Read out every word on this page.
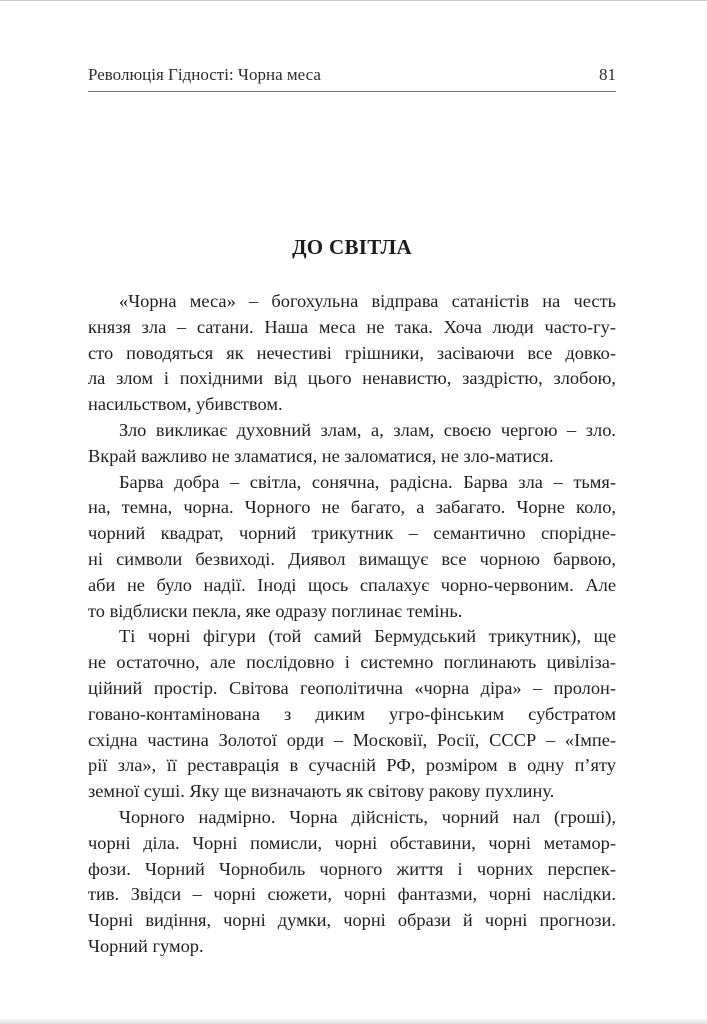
Революція Гідності: Чорна меса	81
ДО СВІТЛА
«Чорна меса» – богохульна відправа сатаністів на честь
князя зла – сатани. Наша меса не така. Хоча люди часто-гу-
сто поводяться як нечестиві грішники, засіваючи все довко-
ла злом і похідними від цього ненавистю, заздрістю, злобою,
насильством, убивством.
Зло викликає духовний злам, а, злам, своєю чергою – зло.
Вкрай важливо не зламатися, не заломатися, не зло-матися.
Барва добра – світла, сонячна, радісна. Барва зла – тьмя-
на, темна, чорна. Чорного не багато, а забагато. Чорне коло,
чорний квадрат, чорний трикутник – семантично спорідне-
ні символи безвиході. Диявол вимащує все чорною барвою,
аби не було надії. Іноді щось спалахує чорно-червоним. Але
то відблиски пекла, яке одразу поглинає темінь.
Ті чорні фігури (той самий Бермудський трикутник), ще
не остаточно, але послідовно і системно поглинають цивіліза-
ційний простір. Світова геополітична «чорна діра» – пролон-
говано-контамінована з диким угро-фінським субстратом
східна частина Золотої орди – Московії, Росії, СССР – «Імпе-
рії зла», її реставрація в сучасній РФ, розміром в одну п’яту
земної суші. Яку ще визначають як світову ракову пухлину.
Чорного надмірно. Чорна дійсність, чорний нал (гроші),
чорні діла. Чорні помисли, чорні обставини, чорні метамор-
фози. Чорний Чорнобиль чорного життя і чорних перспек-
тив. Звідси – чорні сюжети, чорні фантазми, чорні наслідки.
Чорні видіння, чорні думки, чорні образи й чорні прогнози.
Чорний гумор.
